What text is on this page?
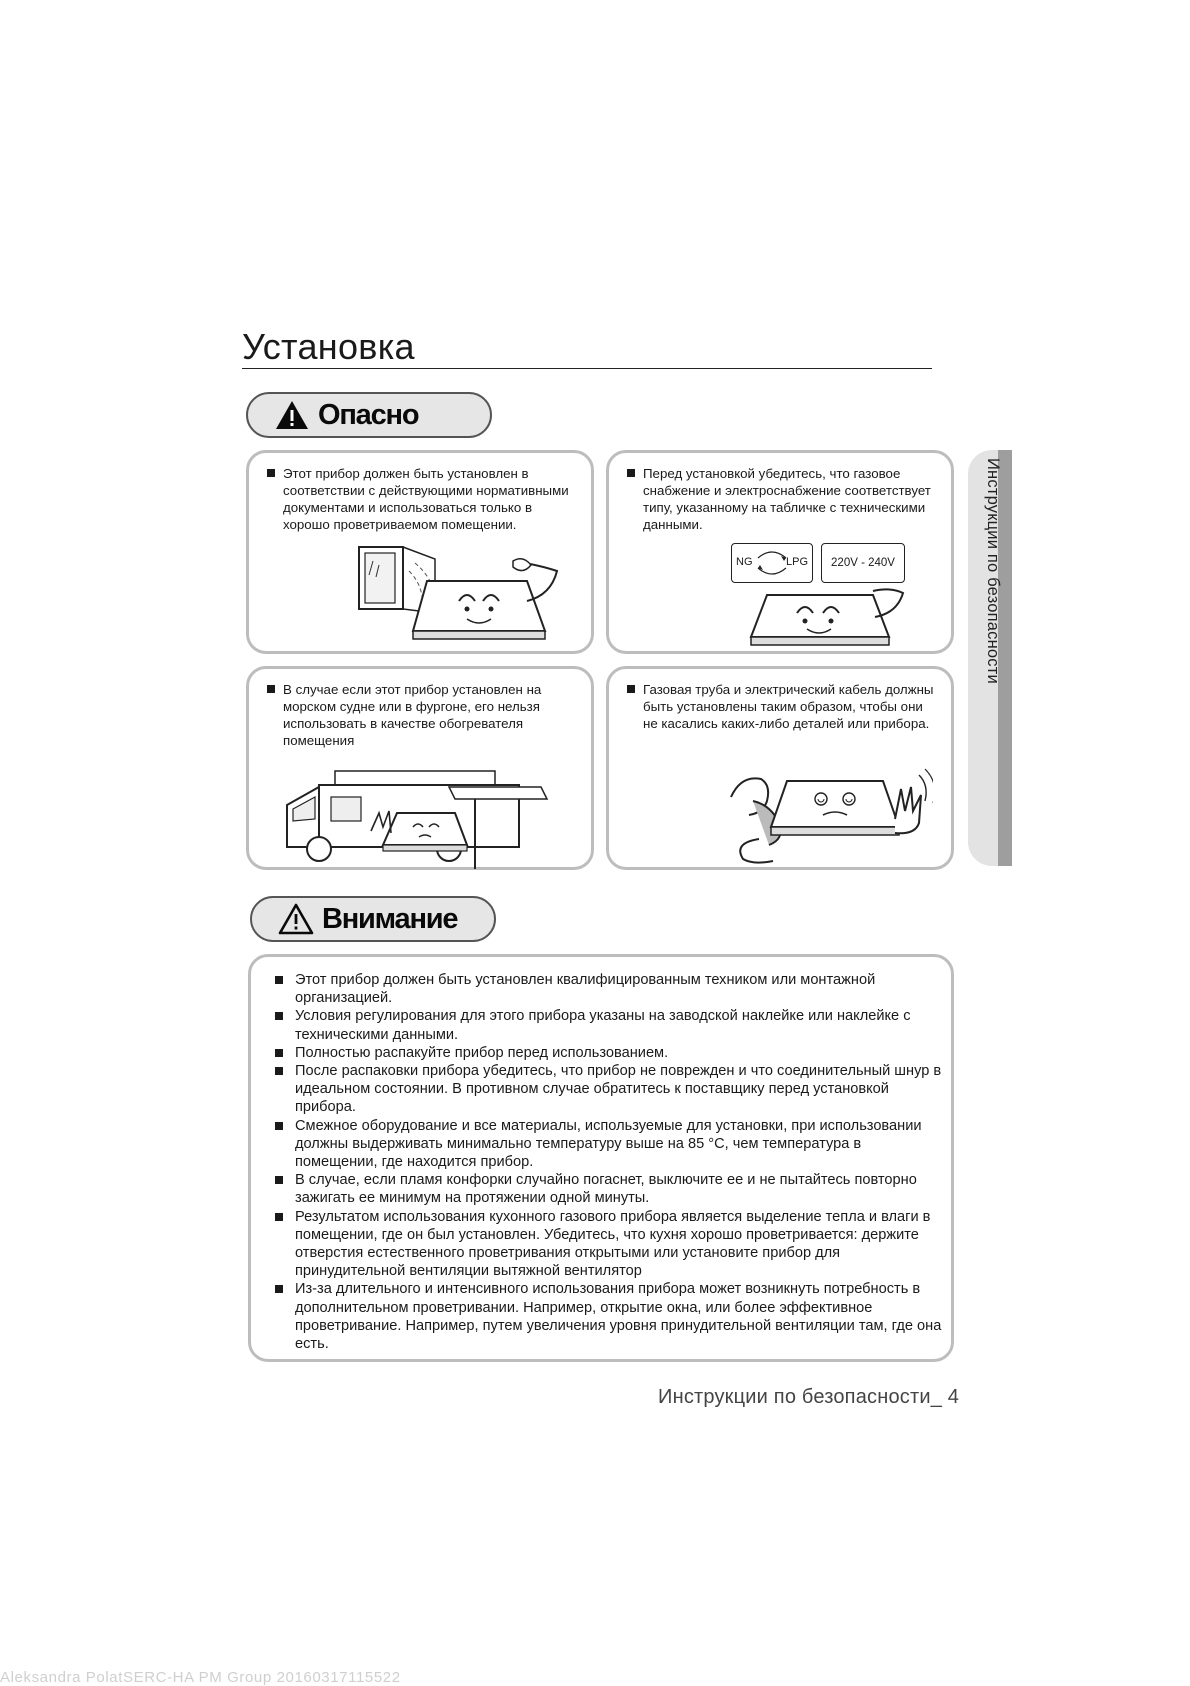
Установка
Опасно
Этот прибор должен быть установлен в соответствии с действующими нормативными документами и использоваться только в хорошо проветриваемом помещении.
Перед установкой убедитесь, что газовое снабжение и электроснабжение соответствует типу, указанному на табличке с техническими данными.
NG	LPG 220V - 240V
В случае если этот прибор установлен на морском судне или в фургоне, его нельзя использовать в качестве обогревателя помещения
Газовая труба и электрический кабель должны быть установлены таким образом, чтобы они не касались каких-либо деталей или прибора.
Инструкции по безопасности
Внимание
Этот прибор должен быть установлен квалифицированным техником или монтажной организацией.
Условия регулирования для этого прибора указаны на заводской наклейке или наклейке с техническими данными.
Полностью распакуйте прибор перед использованием.
После распаковки прибора убедитесь, что прибор не поврежден и что соединительный шнур в идеальном состоянии. В противном случае обратитесь к поставщику перед установкой прибора.
Смежное оборудование и все материалы, используемые для установки, при использовании должны выдерживать минимально температуру выше на 85 °C, чем температура в помещении, где находится прибор.
В случае, если пламя конфорки случайно погаснет, выключите ее и не пытайтесь повторно зажигать ее минимум на протяжении одной минуты.
Результатом использования кухонного газового прибора является выделение тепла и влаги в помещении, где он был установлен. Убедитесь, что кухня хорошо проветривается: держите отверстия естественного проветривания открытыми или установите прибор для принудительной вентиляции вытяжной вентилятор
Из-за длительного и интенсивного использования прибора может возникнуть потребность в дополнительном проветривании. Например, открытие окна, или более эффективное проветривание. Например, путем увеличения уровня принудительной вентиляции там, где она есть.
Инструкции по безопасности_ 4
Aleksandra PolatSERC-HA PM Group 20160317115522
